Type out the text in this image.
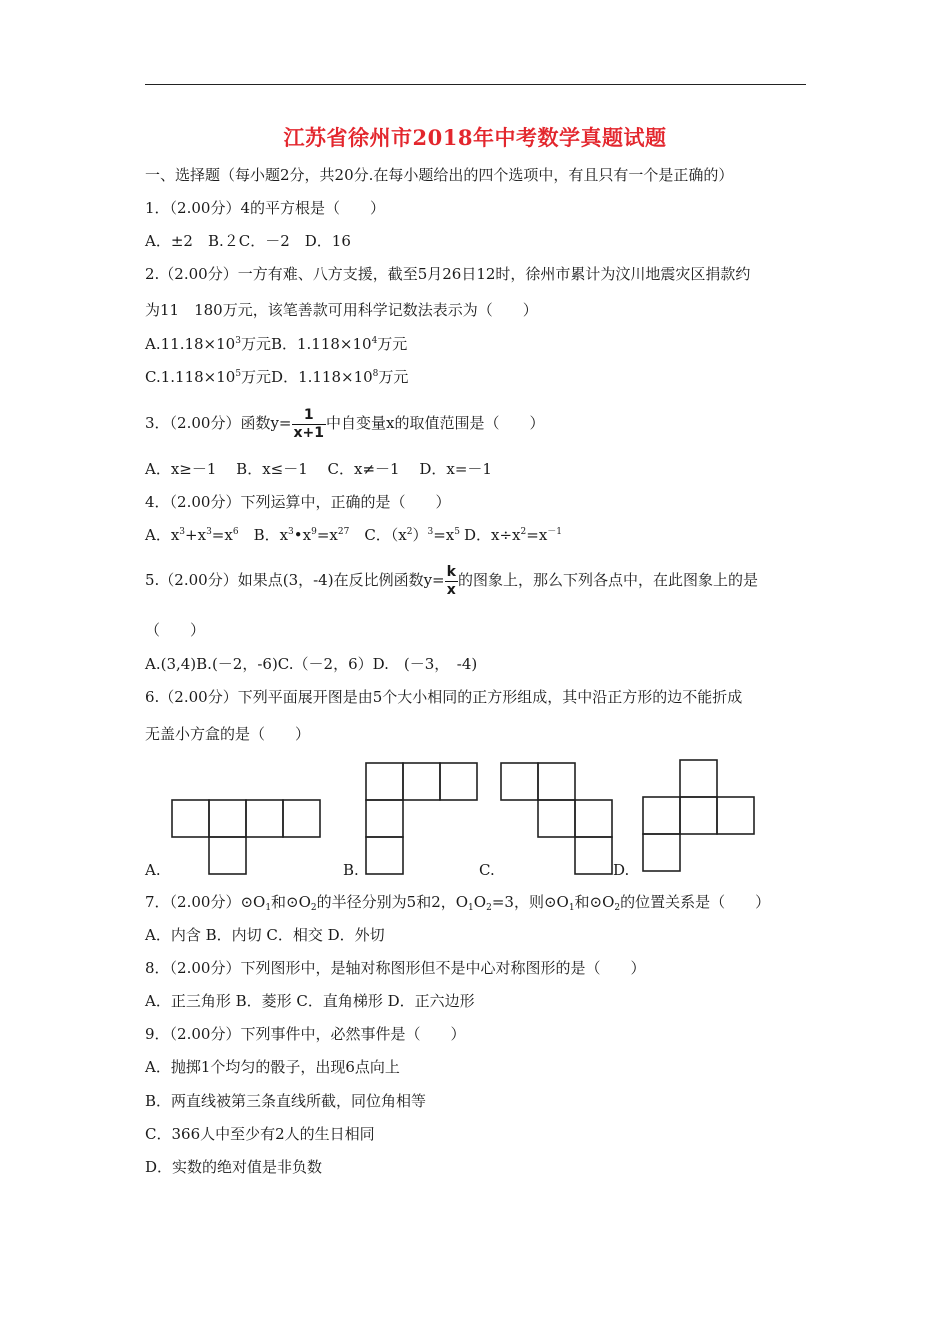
江苏省徐州市2018年中考数学真题试题
一、选择题（每小题2分，共20分.在每小题给出的四个选项中，有且只有一个是正确的）
1．（2.00分）4的平方根是（　　）
A．±2　B.２C．－2　D．16
2.（2.00分）一方有难、八方支援，截至5月26日12时，徐州市累计为汶川地震灾区捐款约
为11　180万元，该笔善款可用科学记数法表示为（　　）
$A.11.18\times 10^3$万元B．$1.118\times 10^4$万元
$C.1.118\times 10^5$万元D．$1.118\times 10^8$万元
3．（2.00分）函数$y= \frac{1}{x+1}$ 中自变量x的取值范围是（　　）
A．x≥－1　 B．x≤－1　 C．x≠－1　 D．x=－1
4．（2.00分）下列运算中，正确的是（　　）
A．$x^3+x^3=x^6$　B．$x^3•x^9=x^{27}$　C．$(x^2)^3=x^5$ D．$x\div x^2=x^{-1}$
5.（2.00分）如果点(3，-4)在反比例函数$y= \frac{k}{x}$ 的图象上，那么下列各点中，在此图象上的是
（　　）
A.(3,4)B.(－2，-6)C.（－2，6）D.　(－3，　-4)
6.（2.00分）下列平面展开图是由5个大小相同的正方形组成，其中沿正方形的边不能折成
无盖小方盒的是（　　）
A.	B.	C.	D.
7．（2.00分）$⊙O_1$和$⊙O_2$的半径分别为5和2，$O_1O_2=3$，则$⊙O_1$和$⊙O_2$的位置关系是（　　）
A．内含 B．内切 C．相交 D．外切
8．（2.00分）下列图形中，是轴对称图形但不是中心对称图形的是（　　）
A．正三角形 B．菱形 C．直角梯形 D．正六边形
9．（2.00分）下列事件中，必然事件是（　　）
A．抛掷1个均匀的骰子，出现6点向上
B．两直线被第三条直线所截，同位角相等
C．366人中至少有2人的生日相同
D．实数的绝对值是非负数
